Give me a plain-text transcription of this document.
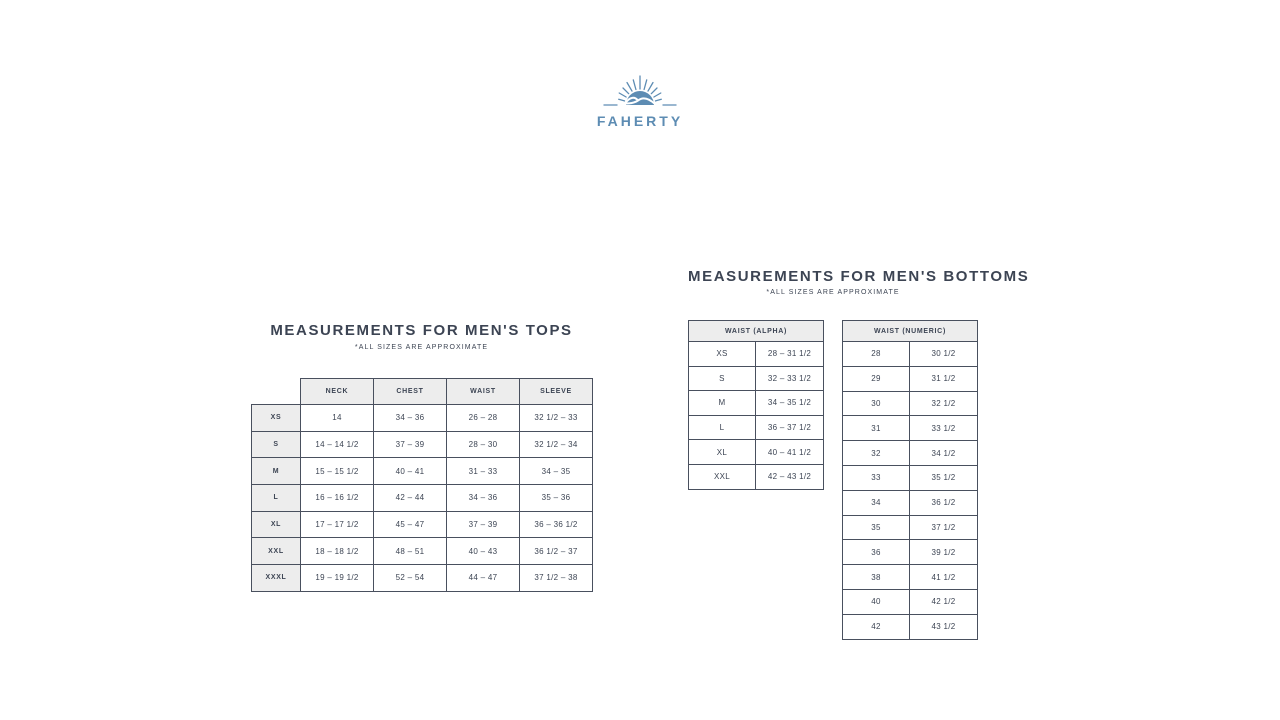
FAHERTY
MEASUREMENTS FOR MEN'S TOPS
*ALL SIZES ARE APPROXIMATE
	NECK	CHEST	WAIST	SLEEVE
XS	14	34 – 36	26 – 28	32 1/2 – 33
S	14 – 14 1/2	37 – 39	28 – 30	32 1/2 – 34
M	15 – 15 1/2	40 – 41	31 – 33	34 – 35
L	16 – 16 1/2	42 – 44	34 – 36	35 – 36
XL	17 – 17 1/2	45 – 47	37 – 39	36 – 36 1/2
XXL	18 – 18 1/2	48 – 51	40 – 43	36 1/2 – 37
XXXL	19 – 19 1/2	52 – 54	44 – 47	37 1/2 – 38
MEASUREMENTS FOR MEN'S BOTTOMS
*ALL SIZES ARE APPROXIMATE
WAIST (ALPHA)	
XS	28 – 31 1/2
S	32 – 33 1/2
M	34 – 35 1/2
L	36 – 37 1/2
XL	40 – 41 1/2
XXL	42 – 43 1/2
WAIST (NUMERIC)	
28	30 1/2
29	31 1/2
30	32 1/2
31	33 1/2
32	34 1/2
33	35 1/2
34	36 1/2
35	37 1/2
36	39 1/2
38	41 1/2
40	42 1/2
42	43 1/2
